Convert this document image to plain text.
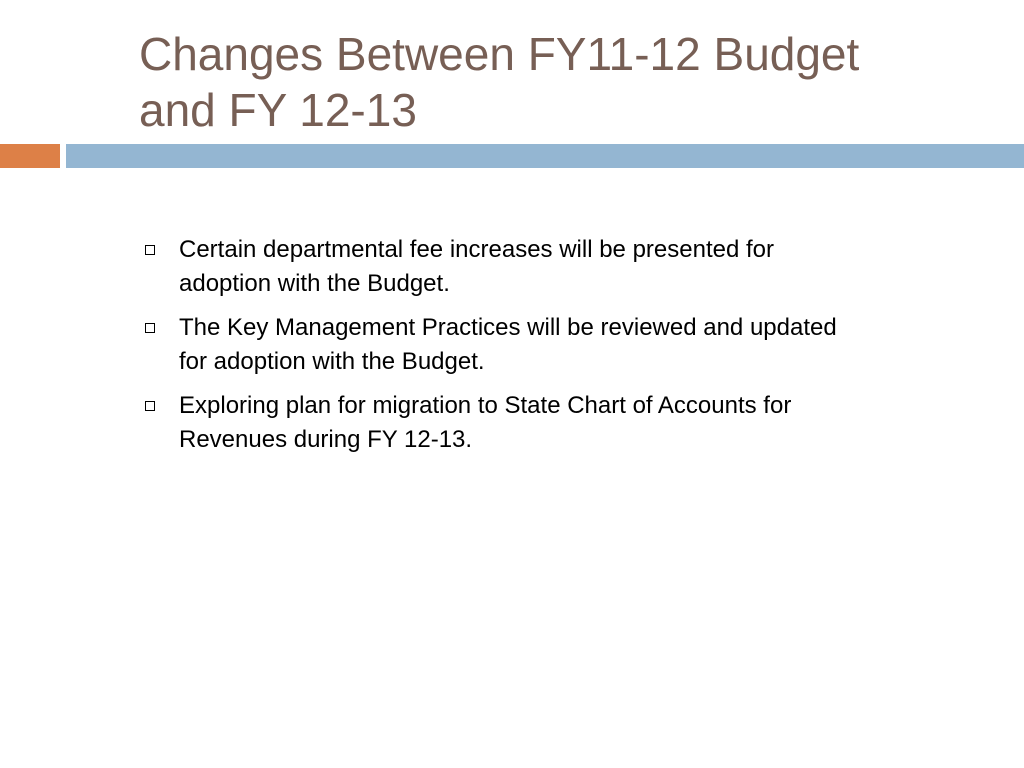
Changes Between FY11-12 Budget
and FY 12-13
Certain departmental fee increases will be presented for
adoption with the Budget.
The Key Management Practices will be reviewed and updated
for adoption with the Budget.
Exploring plan for migration to State Chart of Accounts for
Revenues during FY 12-13.
